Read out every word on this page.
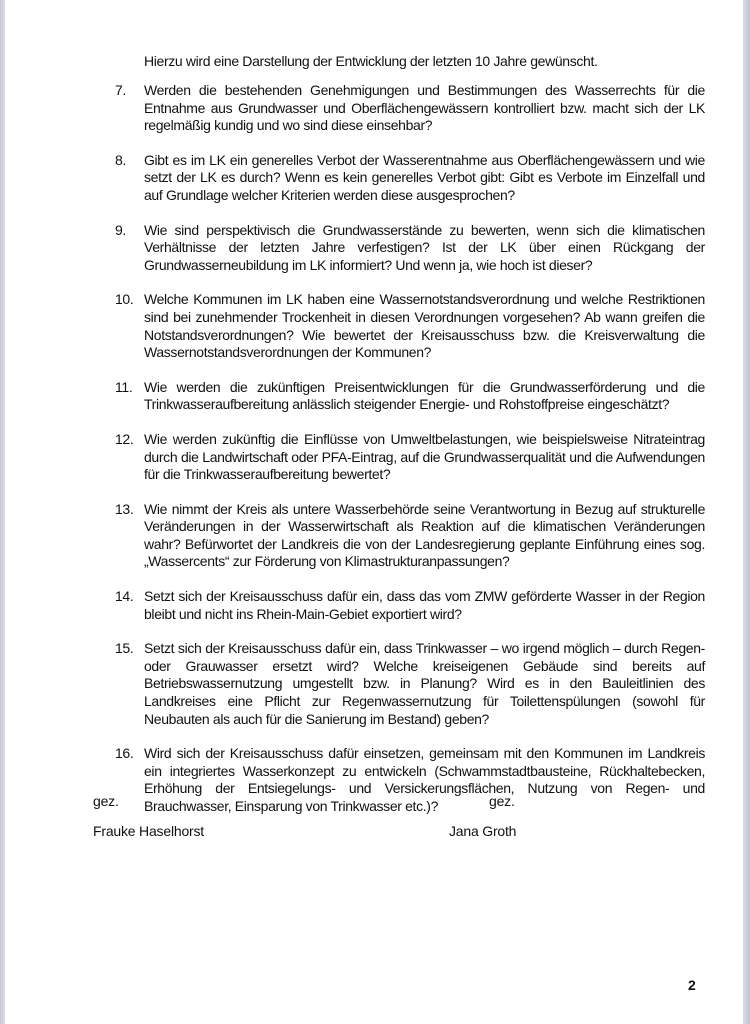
Hierzu wird eine Darstellung der Entwicklung der letzten 10 Jahre gewünscht.
7.	Werden die bestehenden Genehmigungen und Bestimmungen des Wasserrechts für die Entnahme aus Grundwasser und Oberflächengewässern kontrolliert bzw. macht sich der LK regelmäßig kundig und wo sind diese einsehbar?
8.	Gibt es im LK ein generelles Verbot der Wasserentnahme aus Oberflächengewässern und wie setzt der LK es durch? Wenn es kein generelles Verbot gibt: Gibt es Verbote im Einzelfall und auf Grundlage welcher Kriterien werden diese ausgesprochen?
9.	Wie sind perspektivisch die Grundwasserstände zu bewerten, wenn sich die klimatischen Verhältnisse der letzten Jahre verfestigen? Ist der LK über einen Rückgang der Grundwasserneubildung im LK informiert? Und wenn ja, wie hoch ist dieser?
10. Welche Kommunen im LK haben eine Wassernotstandsverordnung und welche Restriktionen sind bei zunehmender Trockenheit in diesen Verordnungen vorgesehen? Ab wann greifen die Notstandsverordnungen? Wie bewertet der Kreisausschuss bzw. die Kreisverwaltung die Wassernotstandsverordnungen der Kommunen?
11. Wie werden die zukünftigen Preisentwicklungen für die Grundwasserförderung und die Trinkwasseraufbereitung anlässlich steigender Energie- und Rohstoffpreise eingeschätzt?
12. Wie werden zukünftig die Einflüsse von Umweltbelastungen, wie beispielsweise Nitrateintrag durch die Landwirtschaft oder PFA-Eintrag, auf die Grundwasserqualität und die Aufwendungen für die Trinkwasseraufbereitung bewertet?
13. Wie nimmt der Kreis als untere Wasserbehörde seine Verantwortung in Bezug auf strukturelle Veränderungen in der Wasserwirtschaft als Reaktion auf die klimatischen Veränderungen wahr? Befürwortet der Landkreis die von der Landesregierung geplante Einführung eines sog. „Wassercents“ zur Förderung von Klimastrukturanpassungen?
14. Setzt sich der Kreisausschuss dafür ein, dass das vom ZMW geförderte Wasser in der Region bleibt und nicht ins Rhein-Main-Gebiet exportiert wird?
15. Setzt sich der Kreisausschuss dafür ein, dass Trinkwasser – wo irgend möglich – durch Regen- oder Grauwasser ersetzt wird? Welche kreiseigenen Gebäude sind bereits auf Betriebswassernutzung umgestellt bzw. in Planung? Wird es in den Bauleitlinien des Landkreises eine Pflicht zur Regenwassernutzung für Toilettenspülungen (sowohl für Neubauten als auch für die Sanierung im Bestand) geben?
16. Wird sich der Kreisausschuss dafür einsetzen, gemeinsam mit den Kommunen im Landkreis ein integriertes Wasserkonzept zu entwickeln (Schwammstadtbausteine, Rückhaltebecken, Erhöhung der Entsiegelungs- und Versickerungsflächen, Nutzung von Regen- und Brauchwasser, Einsparung von Trinkwasser etc.)?
gez.
Frauke Haselhorst
gez.
Jana Groth
2
